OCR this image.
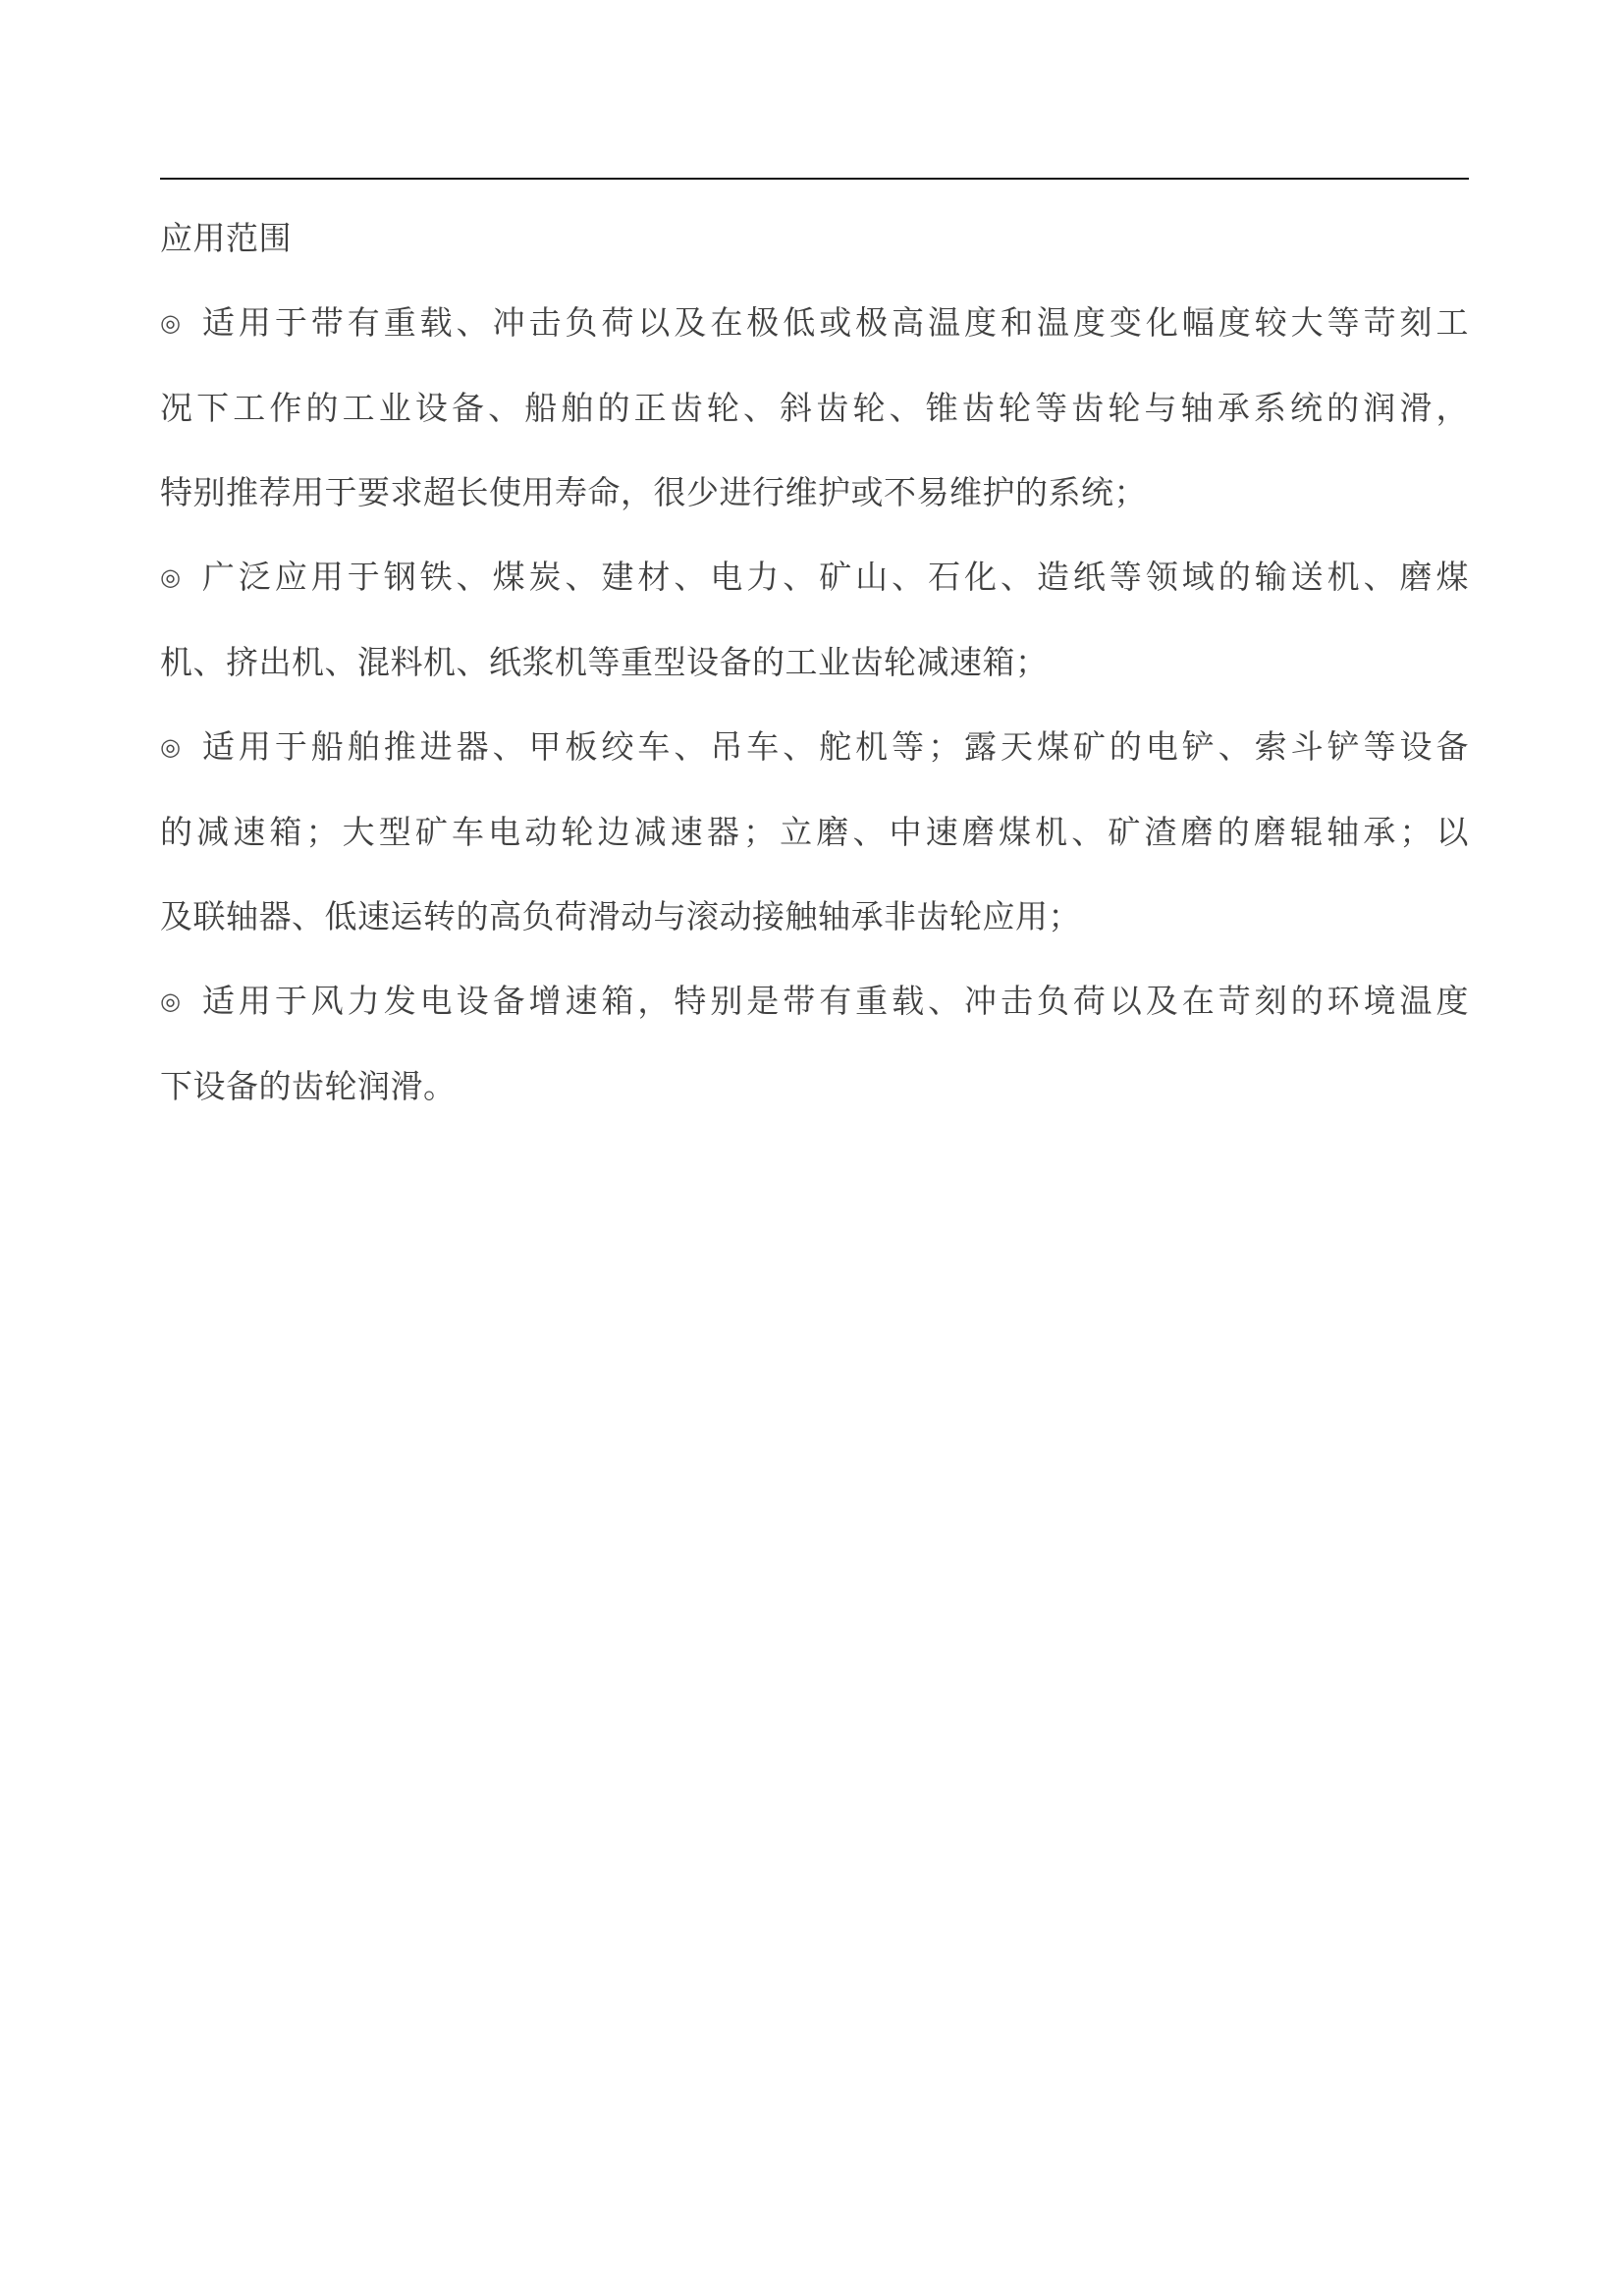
应用范围
◎ 适用于带有重载、冲击负荷以及在极低或极高温度和温度变化幅度较大等苛刻工
况下工作的工业设备、船舶的正齿轮、斜齿轮、锥齿轮等齿轮与轴承系统的润滑，
特别推荐用于要求超长使用寿命，很少进行维护或不易维护的系统；
◎ 广泛应用于钢铁、煤炭、建材、电力、矿山、石化、造纸等领域的输送机、磨煤
机、挤出机、混料机、纸浆机等重型设备的工业齿轮减速箱；
◎ 适用于船舶推进器、甲板绞车、吊车、舵机等；露天煤矿的电铲、索斗铲等设备
的减速箱；大型矿车电动轮边减速器；立磨、中速磨煤机、矿渣磨的磨辊轴承；以
及联轴器、低速运转的高负荷滑动与滚动接触轴承非齿轮应用；
◎ 适用于风力发电设备增速箱，特别是带有重载、冲击负荷以及在苛刻的环境温度
下设备的齿轮润滑。
